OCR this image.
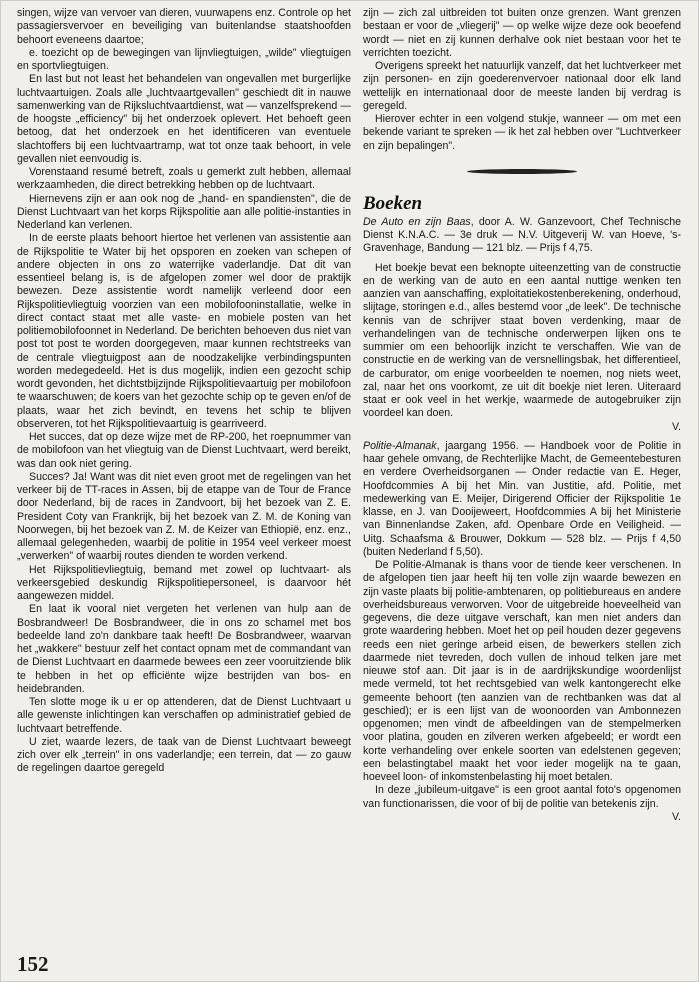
singen, wijze van vervoer van dieren, vuurwapens enz. Controle op het passagiersvervoer en beveiliging van buitenlandse staatshoofden behoort eveneens daartoe;

e. toezicht op de bewegingen van lijnvliegtuigen, „wilde" vliegtuigen en sportvliegtuigen.

En last but not least het behandelen van ongevallen met burgerlijke luchtvaartuigen. Zoals alle „luchtvaartgevallen" geschiedt dit in nauwe samenwerking van de Rijksluchtvaartdienst, wat — vanzelfsprekend — de hoogste „efficiency" bij het onderzoek oplevert. Het behoeft geen betoog, dat het onderzoek en het identificeren van eventuele slachtoffers bij een luchtvaartramp, wat tot onze taak behoort, in vele gevallen niet eenvoudig is.

Vorenstaand resumé betreft, zoals u gemerkt zult hebben, allemaal werkzaamheden, die direct betrekking hebben op de luchtvaart.

Hiernevens zijn er aan ook nog de „hand- en spandiensten", die de Dienst Luchtvaart van het korps Rijkspolitie aan alle politie-instanties in Nederland kan verlenen.

In de eerste plaats behoort hiertoe het verlenen van assistentie aan de Rijkspolitie te Water bij het opsporen en zoeken van schepen of andere objecten in ons zo waterrijke vaderlandje. Dat dit van essentieel belang is, is de afgelopen zomer wel door de praktijk bewezen. Deze assistentie wordt namelijk verleend door een Rijkspolitievliegtuig voorzien van een mobilofooninstallatie, welke in direct contact staat met alle vaste- en mobiele posten van het politiemobilofoonnet in Nederland. De berichten behoeven dus niet van post tot post te worden doorgegeven, maar kunnen rechtstreeks van de centrale vliegtuigpost aan de noodzakelijke verbindingspunten worden medegedeeld. Het is dus mogelijk, indien een gezocht schip wordt gevonden, het dichtstbijzijnde Rijkspolitievaartuig per mobilofoon te waarschuwen; de koers van het gezochte schip op te geven en/of de plaats, waar het zich bevindt, en tevens het schip te blijven observeren, tot het Rijkspolitievaartuig is gearriveerd.

Het succes, dat op deze wijze met de RP-200, het roepnummer van de mobilofoon van het vliegtuig van de Dienst Luchtvaart, werd bereikt, was dan ook niet gering.

Succes? Ja! Want was dit niet even groot met de regelingen van het verkeer bij de TT-races in Assen, bij de etappe van de Tour de France door Nederland, bij de races in Zandvoort, bij het bezoek van Z. E. President Coty van Frankrijk, bij het bezoek van Z. M. de Koning van Noorwegen, bij het bezoek van Z. M. de Keizer van Ethiopië, enz. enz., allemaal gelegenheden, waarbij de politie in 1954 veel verkeer moest „verwerken" of waarbij routes dienden te worden verkend.

Het Rijkspolitievliegtuig, bemand met zowel op luchtvaart- als verkeersgebied deskundig Rijkspolitiepersoneel, is daarvoor hét aangewezen middel.

En laat ik vooral niet vergeten het verlenen van hulp aan de Bosbrandweer! De Bosbrandweer, die in ons zo schamel met bos bedeelde land zo'n dankbare taak heeft! De Bosbrandweer, waarvan het „wakkere" bestuur zelf het contact opnam met de commandant van de Dienst Luchtvaart en daarmede bewees een zeer vooruitziende blik te hebben in het op efficiënte wijze bestrijden van bos- en heidebranden.

Ten slotte moge ik u er op attenderen, dat de Dienst Luchtvaart u alle gewenste inlichtingen kan verschaffen op administratief gebied de luchtvaart betreffende.

U ziet, waarde lezers, de taak van de Dienst Luchtvaart beweegt zich over elk „terrein" in ons vaderlandje; een terrein, dat — zo gauw de regelingen daartoe geregeld

zijn — zich zal uitbreiden tot buiten onze grenzen. Want grenzen bestaan er voor de „vliegerij" — op welke wijze deze ook beoefend wordt — niet en zij kunnen derhalve ook niet bestaan voor het te verrichten toezicht.

Overigens spreekt het natuurlijk vanzelf, dat het luchtverkeer met zijn personen- en zijn goederenvervoer nationaal door elk land wettelijk en internationaal door de meeste landen bij verdrag is geregeld.

Hierover echter in een volgend stukje, wanneer — om met een bekende variant te spreken — ik het zal hebben over "Luchtverkeer en zijn bepalingen".

Boeken

De Auto en zijn Baas, door A. W. Ganzevoort, Chef Technische Dienst K.N.A.C. — 3e druk — N.V. Uitgeverij W. van Hoeve, 's-Gravenhage, Bandung — 121 blz. — Prijs f 4,75.

Het boekje bevat een beknopte uiteenzetting van de constructie en de werking van de auto en een aantal nuttige wenken ten aanzien van aanschaffing, exploitatiekostenberekening, onderhoud, slijtage, storingen e.d., alles bestemd voor „de leek". De technische kennis van de schrijver staat boven verdenking, maar de verhandelingen van de technische onderwerpen lijken ons te summier om een behoorlijk inzicht te verschaffen. Wie van de constructie en de werking van de versnellingsbak, het differentieel, de carburator, om enige voorbeelden te noemen, nog niets weet, zal, naar het ons voorkomt, ze uit dit boekje niet leren. Uiteraard staat er ook veel in het werkje, waarmede de autogebruiker zijn voordeel kan doen.

V.

Politie-Almanak, jaargang 1956. — Handboek voor de Politie in haar gehele omvang, de Rechterlijke Macht, de Gemeentebesturen en verdere Overheidsorganen — Onder redactie van E. Heger, Hoofdcommies A bij het Min. van Justitie, afd. Politie, met medewerking van E. Meijer, Dirigerend Officier der Rijkspolitie 1e klasse, en J. van Dooijeweert, Hoofdcommies A bij het Ministerie van Binnenlandse Zaken, afd. Openbare Orde en Veiligheid. — Uitg. Schaafsma & Brouwer, Dokkum — 528 blz. — Prijs f 4,50 (buiten Nederland f 5,50).

De Politie-Almanak is thans voor de tiende keer verschenen. In de afgelopen tien jaar heeft hij ten volle zijn waarde bewezen en zijn vaste plaats bij politie-ambtenaren, op politiebureaus en andere overheidsbureaus verworven. Voor de uitgebreide hoeveelheid van gegevens, die deze uitgave verschaft, kan men niet anders dan grote waardering hebben. Moet het op peil houden dezer gegevens reeds een niet geringe arbeid eisen, de bewerkers stellen zich daarmede niet tevreden, doch vullen de inhoud telken jare met nieuwe stof aan. Dit jaar is in de aardrijkskundige woordenlijst mede vermeld, tot het rechtsgebied van welk kantongerecht elke gemeente behoort (ten aanzien van de rechtbanken was dat al geschied); er is een lijst van de woonoorden van Ambonnezen opgenomen; men vindt de afbeeldingen van de stempelmerken voor platina, gouden en zilveren werken afgebeeld; er wordt een korte verhandeling over enkele soorten van edelstenen gegeven; een belastingtabel maakt het voor ieder mogelijk na te gaan, hoeveel loon- of inkomstenbelasting hij moet betalen.

In deze „jubileum-uitgave" is een groot aantal foto's opgenomen van functionarissen, die voor of bij de politie van betekenis zijn.

V.

152
